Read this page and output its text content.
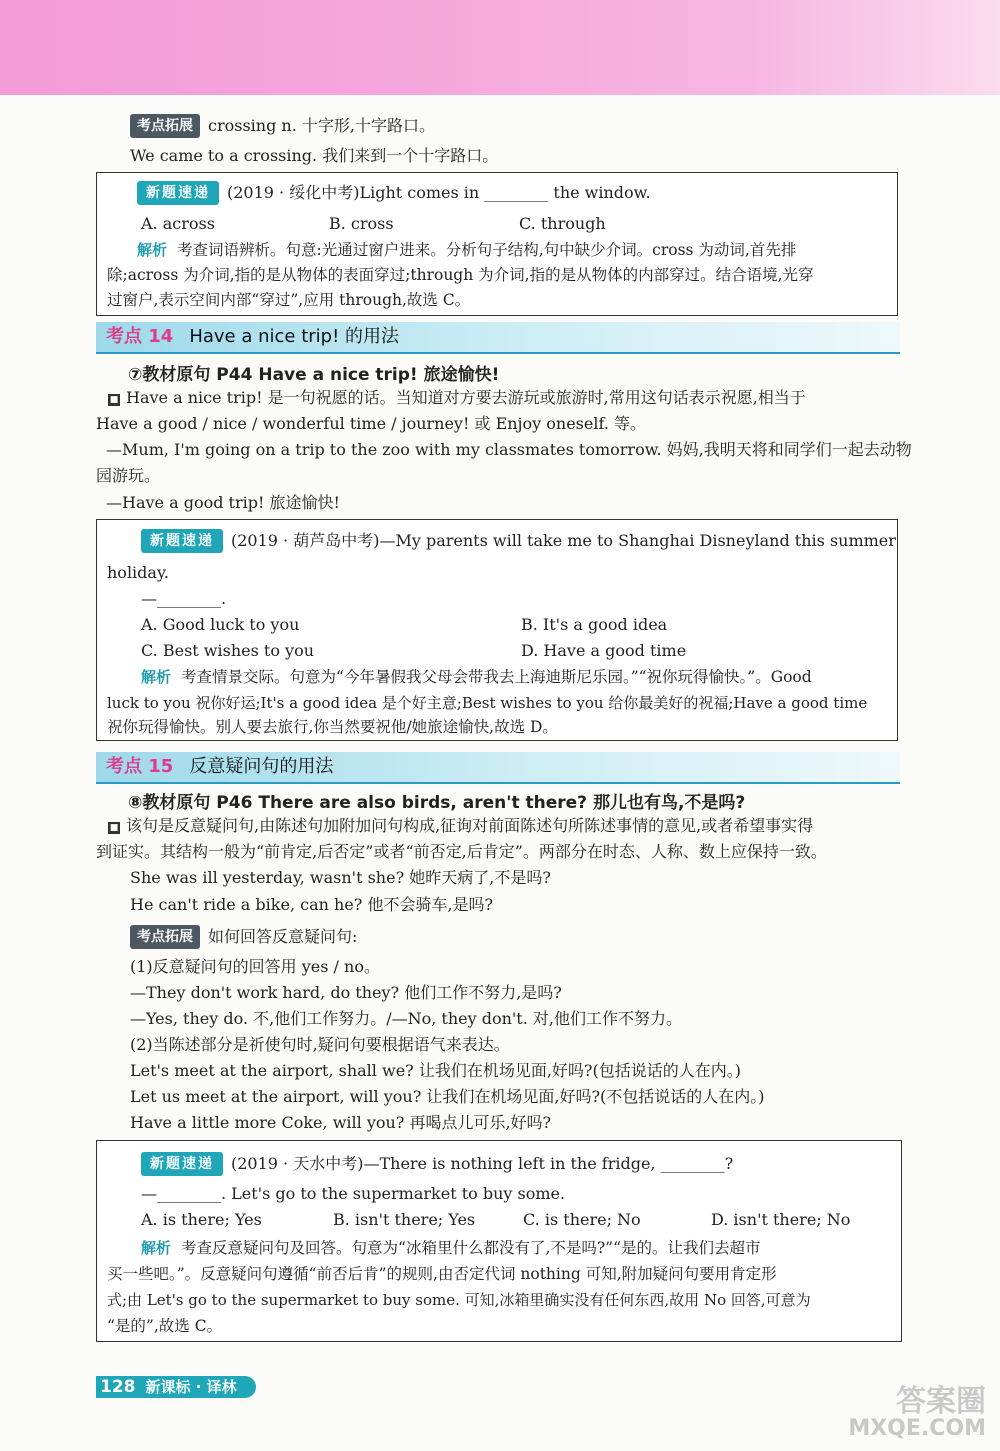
考点拓展 crossing n. 十字形,十字路口。
We came to a crossing. 我们来到一个十字路口。
新题速递 (2019 · 绥化中考)Light comes in ________ the window.
A. across	B. cross	C. through
解析 考查词语辨析。句意:光通过窗户进来。分析句子结构,句中缺少介词。cross 为动词,首先排
除;across 为介词,指的是从物体的表面穿过;through 为介词,指的是从物体的内部穿过。结合语境,光穿
过窗户,表示空间内部“穿过”,应用 through,故选 C。
考点 14 Have a nice trip! 的用法
⑦教材原句 P44 Have a nice trip! 旅途愉快!
■ Have a nice trip! 是一句祝愿的话。当知道对方要去游玩或旅游时,常用这句话表示祝愿,相当于
Have a good / nice / wonderful time / journey! 或 Enjoy oneself. 等。
—Mum, I'm going on a trip to the zoo with my classmates tomorrow. 妈妈,我明天将和同学们一起去动物
园游玩。
—Have a good trip! 旅途愉快!
新题速递 (2019 · 葫芦岛中考)—My parents will take me to Shanghai Disneyland this summer
holiday.
—________.
A. Good luck to you	B. It's a good idea
C. Best wishes to you	D. Have a good time
解析 考查情景交际。句意为“今年暑假我父母会带我去上海迪斯尼乐园。”“祝你玩得愉快。”。Good
luck to you 祝你好运;It's a good idea 是个好主意;Best wishes to you 给你最美好的祝福;Have a good time
祝你玩得愉快。别人要去旅行,你当然要祝他/她旅途愉快,故选 D。
考点 15 反意疑问句的用法
⑧教材原句 P46 There are also birds, aren't there? 那儿也有鸟,不是吗?
■ 该句是反意疑问句,由陈述句加附加问句构成,征询对前面陈述句所陈述事情的意见,或者希望事实得
到证实。其结构一般为“前肯定,后否定”或者“前否定,后肯定”。两部分在时态、人称、数上应保持一致。
She was ill yesterday, wasn't she? 她昨天病了,不是吗?
He can't ride a bike, can he? 他不会骑车,是吗?
考点拓展 如何回答反意疑问句:
(1)反意疑问句的回答用 yes / no。
—They don't work hard, do they? 他们工作不努力,是吗?
—Yes, they do. 不,他们工作努力。/—No, they don't. 对,他们工作不努力。
(2)当陈述部分是祈使句时,疑问句要根据语气来表达。
Let's meet at the airport, shall we? 让我们在机场见面,好吗?(包括说话的人在内。)
Let us meet at the airport, will you? 让我们在机场见面,好吗?(不包括说话的人在内。)
Have a little more Coke, will you? 再喝点儿可乐,好吗?
新题速递 (2019 · 天水中考)—There is nothing left in the fridge, ________?
—________. Let's go to the supermarket to buy some.
A. is there; Yes	B. isn't there; Yes	C. is there; No	D. isn't there; No
解析 考查反意疑问句及回答。句意为“冰箱里什么都没有了,不是吗?”“是的。让我们去超市
买一些吧。”。反意疑问句遵循“前否后肯”的规则,由否定代词 nothing 可知,附加疑问句要用肯定形
式;由 Let's go to the supermarket to buy some. 可知,冰箱里确实没有任何东西,故用 No 回答,可意为
“是的”,故选 C。
128 新课标 · 译林	答案圈
MXQE.COM
